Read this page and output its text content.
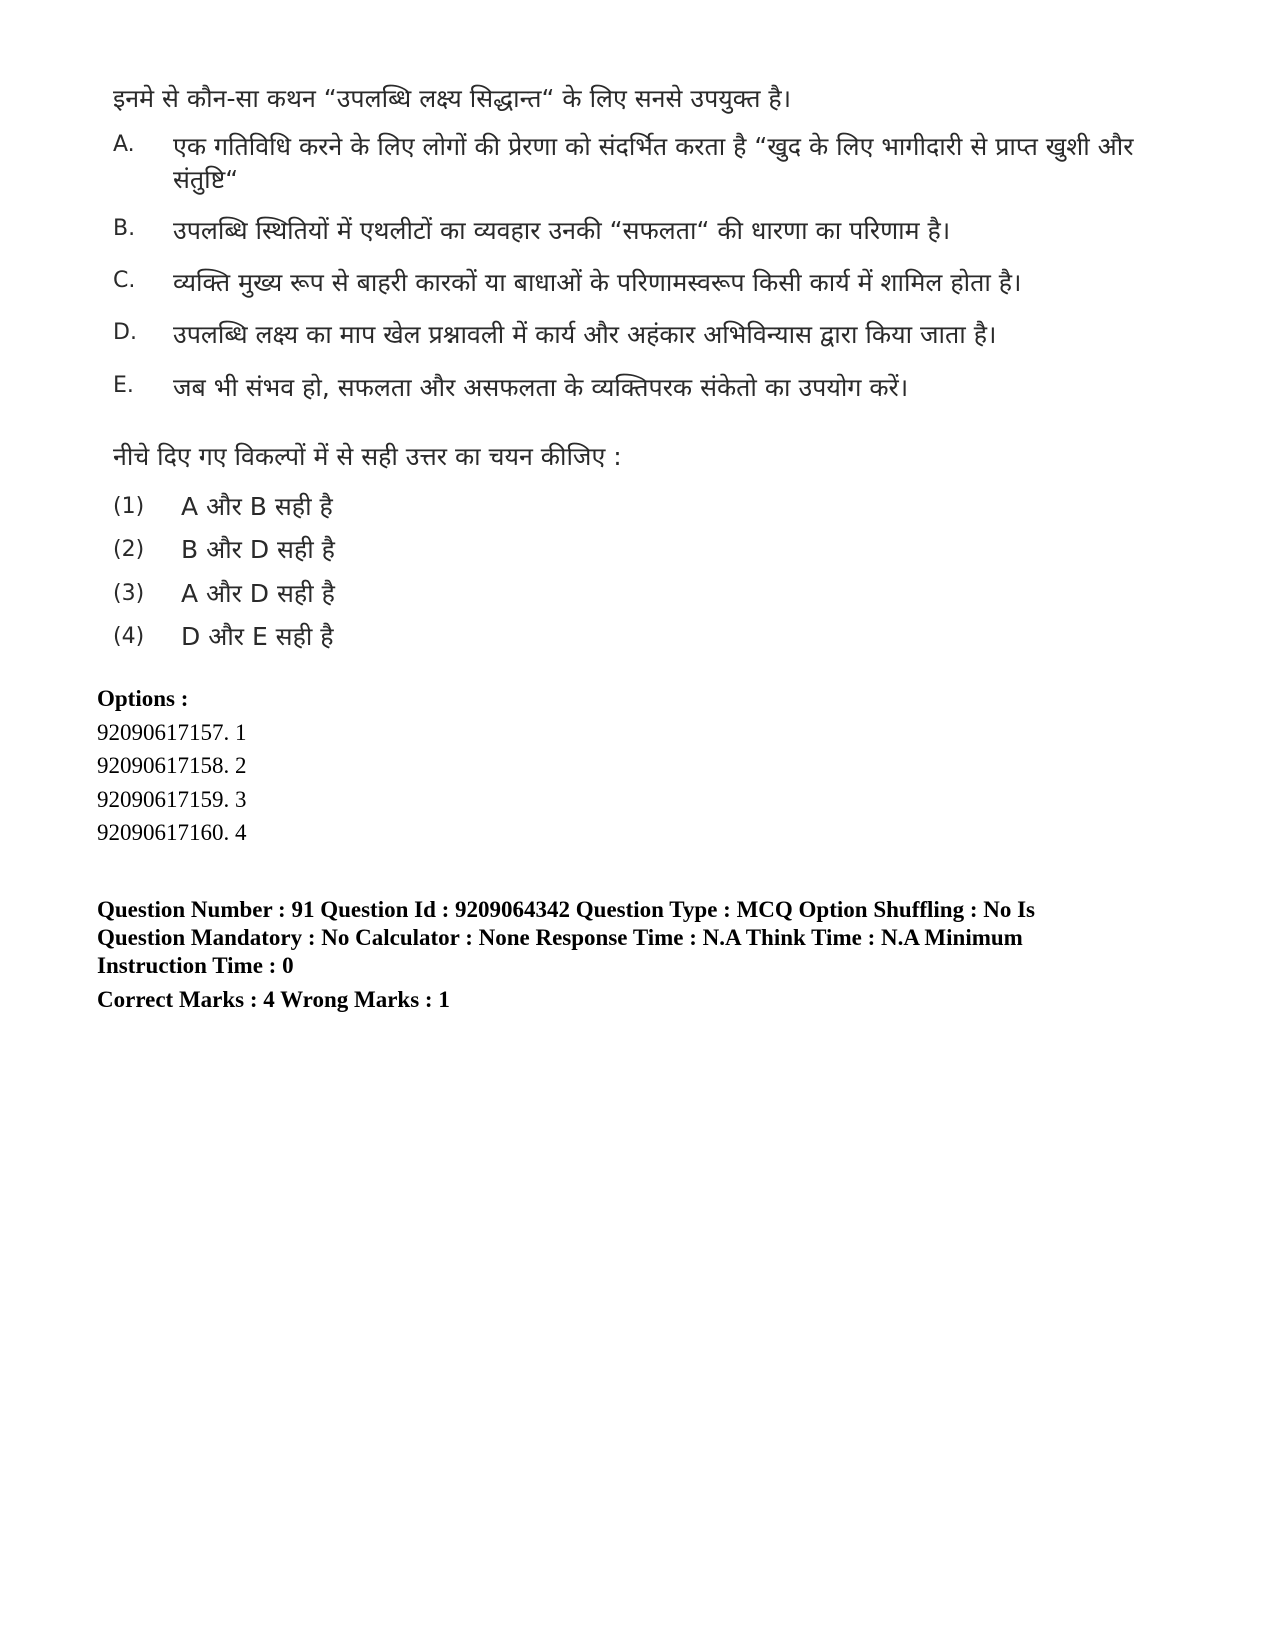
इनमे से कौन-सा कथन “उपलब्धि लक्ष्य सिद्धान्त“ के लिए सनसे उपयुक्त है।
A.	एक गतिविधि करने के लिए लोगों की प्रेरणा को संदर्भित करता है “खुद के लिए भागीदारी से प्राप्त खुशी और संतुष्टि“
B.	उपलब्धि स्थितियों में एथलीटों का व्यवहार उनकी “सफलता“ की धारणा का परिणाम है।
C.	व्यक्ति मुख्य रूप से बाहरी कारकों या बाधाओं के परिणामस्वरूप किसी कार्य में शामिल होता है।
D.	उपलब्धि लक्ष्य का माप खेल प्रश्नावली में कार्य और अहंकार अभिविन्यास द्वारा किया जाता है।
E.	जब भी संभव हो, सफलता और असफलता के व्यक्तिपरक संकेतो का उपयोग करें।
नीचे दिए गए विकल्पों में से सही उत्तर का चयन कीजिए :
(1) A और B सही है
(2) B और D सही है
(3) A और D सही है
(4) D और E सही है
Options :
92090617157. 1
92090617158. 2
92090617159. 3
92090617160. 4
Question Number : 91 Question Id : 9209064342 Question Type : MCQ Option Shuffling : No Is Question Mandatory : No Calculator : None Response Time : N.A Think Time : N.A Minimum Instruction Time : 0
Correct Marks : 4 Wrong Marks : 1
